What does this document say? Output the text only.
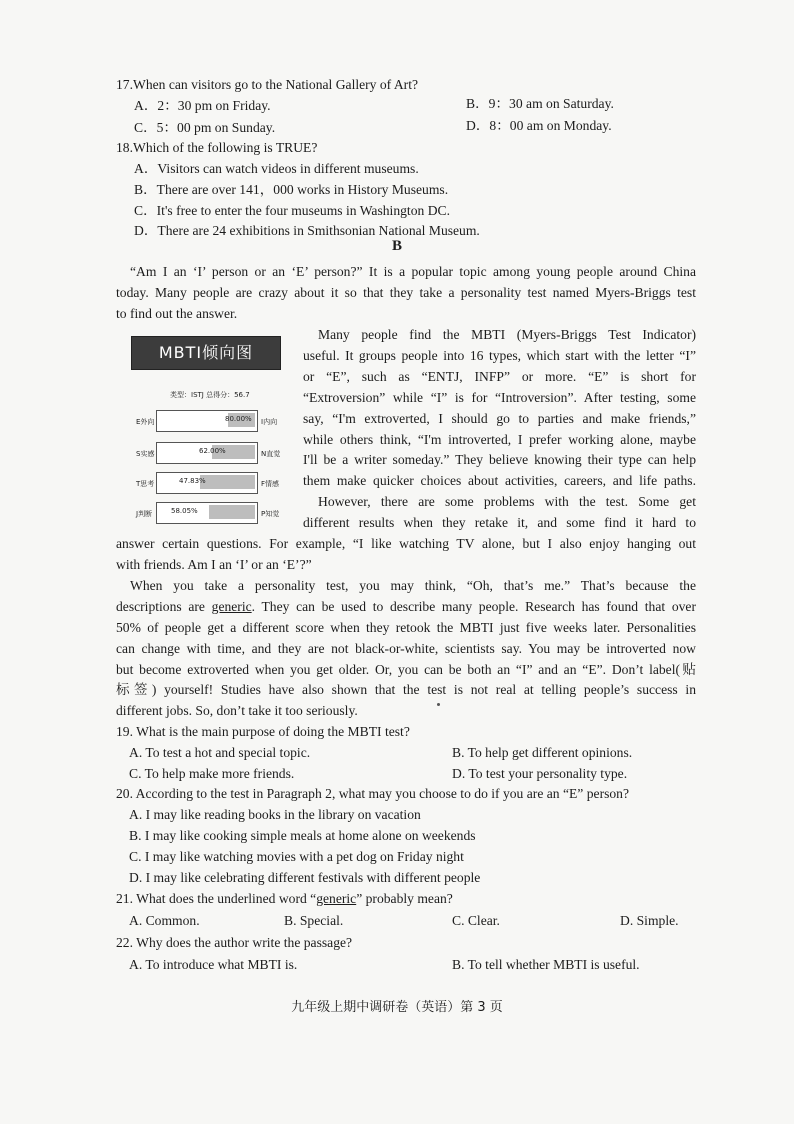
17.When can visitors go to the National Gallery of Art?
A．2：30 pm on Friday.	B．9：30 am on Saturday.
C．5：00 pm on Sunday.	D．8：00 am on Monday.
18.Which of the following is TRUE?
A．Visitors can watch videos in different museums.
B．There are over 141，000 works in History Museums.
C．It's free to enter the four museums in Washington DC.
D．There are 24 exhibitions in Smithsonian National Museum.
B
“Am I an ‘I’ person or an ‘E’ person?” It is a popular topic among young people around China
today. Many people are crazy about it so that they take a personality test named Myers-Briggs test
to find out the answer.
MBTI倾向图
类型：ISTJ 总得分：56.7
E外向	80.00% I内向
S实感	62.00%	N直觉
T思考	47.83%	F情感
J判断	58.05%	P知觉
Many people find the MBTI (Myers-Briggs Test Indicator)
useful. It groups people into 16 types, which start with the letter “I”
or “E”, such as “ENTJ, INFP” or more. “E” is short for
“Extroversion” while “I” is for “Introversion”. After testing, some
say, “I'm extroverted, I should go to parties and make friends,”
while others think, “I'm introverted, I prefer working alone, maybe
I'll be a writer someday.” They believe knowing their type can help
them make quicker choices about activities, careers, and life paths.
However, there are some problems with the test. Some get
different results when they retake it, and some find it hard to
answer certain questions. For example, “I like watching TV alone, but I also enjoy hanging out
with friends. Am I an ‘I’ or an ‘E’?”
When you take a personality test, you may think, “Oh, that’s me.” That’s because the
descriptions are generic. They can be used to describe many people. Research has found that over
50% of people get a different score when they retook the MBTI just five weeks later. Personalities
can change with time, and they are not black-or-white, scientists say. You may be introverted now
but become extroverted when you get older. Or, you can be both an “I” and an “E”. Don’t label(贴
标签) yourself! Studies have also shown that the test is not real at telling people’s success in
different jobs. So, don’t take it too seriously.
19. What is the main purpose of doing the MBTI test?
A. To test a hot and special topic.	B. To help get different opinions.
C. To help make more friends.	D. To test your personality type.
20. According to the test in Paragraph 2, what may you choose to do if you are an “E” person?
A. I may like reading books in the library on vacation
B. I may like cooking simple meals at home alone on weekends
C. I may like watching movies with a pet dog on Friday night
D. I may like celebrating different festivals with different people
21. What does the underlined word “generic” probably mean?
A. Common.	B. Special.	C. Clear.	D. Simple.
22. Why does the author write the passage?
A. To introduce what MBTI is.	B. To tell whether MBTI is useful.
九年级上期中调研卷（英语）第 3 页
